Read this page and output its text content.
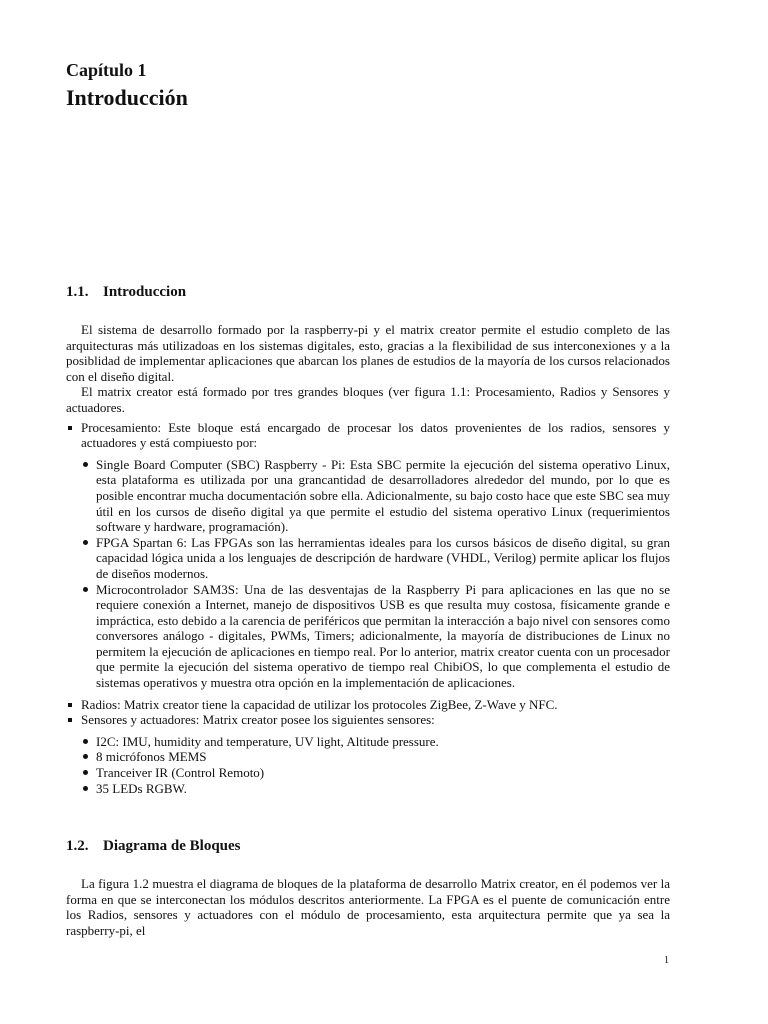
Capítulo 1
Introducción
1.1. Introduccion

El sistema de desarrollo formado por la raspberry-pi y el matrix creator permite el estudio completo de las arquitecturas más utilizadoas en los sistemas digitales, esto, gracias a la flexibilidad de sus interconexiones y a la posiblidad de implementar aplicaciones que abarcan los planes de estudios de la mayoría de los cursos relacionados con el diseño digital.

El matrix creator está formado por tres grandes bloques (ver figura 1.1: Procesamiento, Radios y Sensores y actuadores.

Procesamiento: Este bloque está encargado de procesar los datos provenientes de los radios, sensores y actuadores y está compiuesto por:
Single Board Computer (SBC) Raspberry - Pi: Esta SBC permite la ejecución del sistema operativo Linux, esta plataforma es utilizada por una grancantidad de desarrolladores alrededor del mundo, por lo que es posible encontrar mucha documentación sobre ella. Adicionalmente, su bajo costo hace que este SBC sea muy útil en los cursos de diseño digital ya que permite el estudio del sistema operativo Linux (requerimientos software y hardware, programación).
FPGA Spartan 6: Las FPGAs son las herramientas ideales para los cursos básicos de diseño digital, su gran capacidad lógica unida a los lenguajes de descripción de hardware (VHDL, Verilog) permite aplicar los flujos de diseños modernos.
Microcontrolador SAM3S: Una de las desventajas de la Raspberry Pi para aplicaciones en las que no se requiere conexión a Internet, manejo de dispositivos USB es que resulta muy costosa, físicamente grande e impráctica, esto debido a la carencia de periféricos que permitan la interacción a bajo nivel con sensores como conversores análogo - digitales, PWMs, Timers; adicionalmente, la mayoría de distribuciones de Linux no permitem la ejecución de aplicaciones en tiempo real. Por lo anterior, matrix creator cuenta con un procesador que permite la ejecución del sistema operativo de tiempo real ChibiOS, lo que complementa el estudio de sistemas operativos y muestra otra opción en la implementación de aplicaciones.
Radios: Matrix creator tiene la capacidad de utilizar los protocoles ZigBee, Z-Wave y NFC.
Sensores y actuadores: Matrix creator posee los siguientes sensores:
I2C: IMU, humidity and temperature, UV light, Altitude pressure.
8 micrófonos MEMS
Tranceiver IR (Control Remoto)
35 LEDs RGBW.
1.2. Diagrama de Bloques

La figura 1.2 muestra el diagrama de bloques de la plataforma de desarrollo Matrix creator, en él podemos ver la forma en que se interconectan los módulos descritos anteriormente. La FPGA es el puente de comunicación entre los Radios, sensores y actuadores con el módulo de procesamiento, esta arquitectura permite que ya sea la raspberry-pi, el

1
